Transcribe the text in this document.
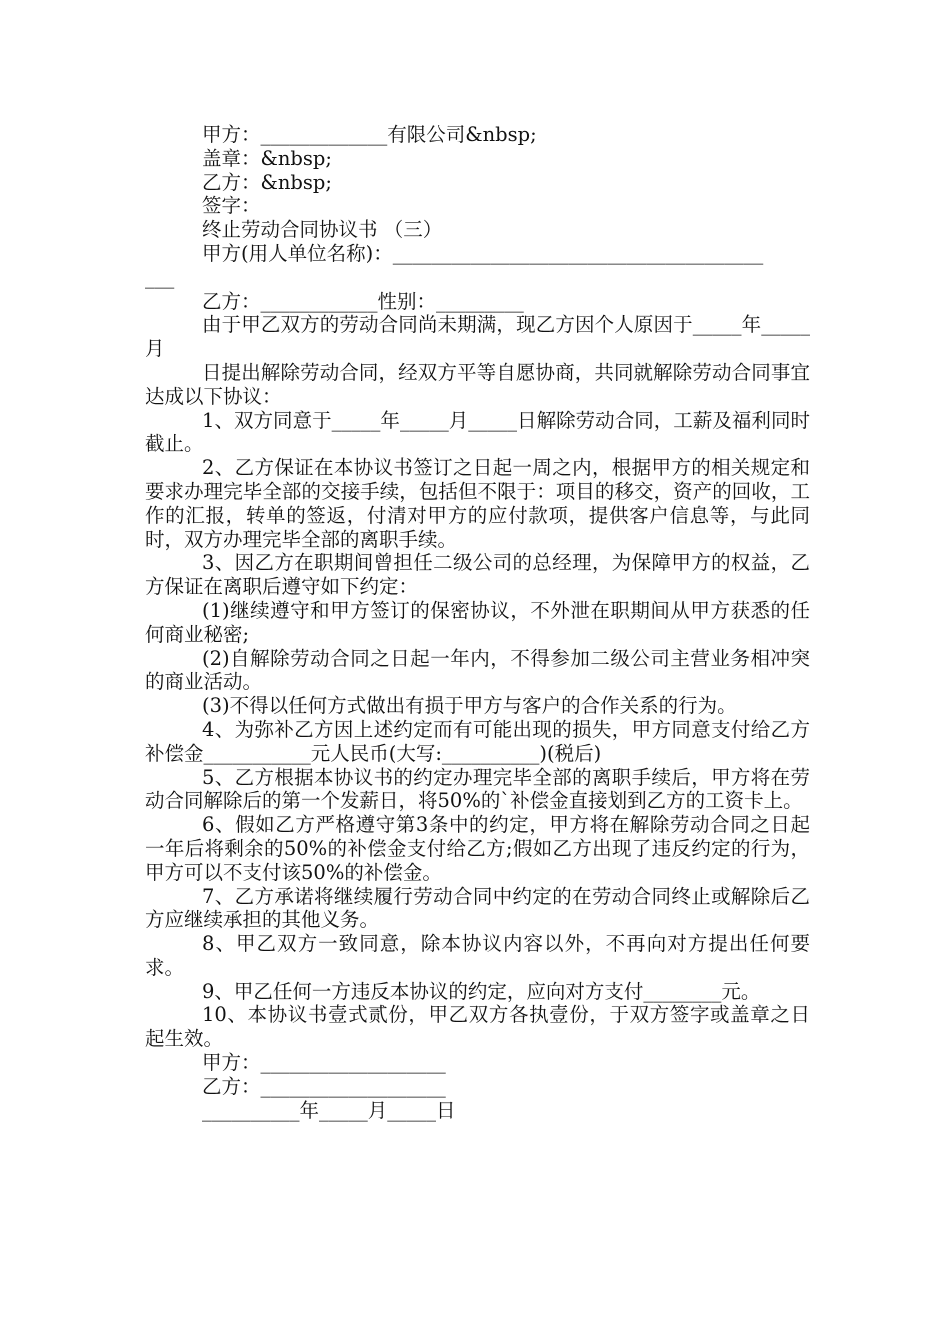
甲方：_____________有限公司&nbsp;
盖章：&nbsp;
乙方：&nbsp;
签字：
终止劳动合同协议书 （三）
甲方(用人单位名称)：______________________________________
___
乙方：____________性别：_________
由于甲乙双方的劳动合同尚未期满，现乙方因个人原因于_____年_____月
日提出解除劳动合同，经双方平等自愿协商，共同就解除劳动合同事宜达成以下协议：
1、双方同意于_____年_____月_____日解除劳动合同，工薪及福利同时截止。
2、乙方保证在本协议书签订之日起一周之内，根据甲方的相关规定和要求办理完毕全部的交接手续，包括但不限于：项目的移交，资产的回收，工作的汇报，转单的签返，付清对甲方的应付款项，提供客户信息等，与此同时，双方办理完毕全部的离职手续。
3、因乙方在职期间曾担任二级公司的总经理，为保障甲方的权益，乙方保证在离职后遵守如下约定：
(1)继续遵守和甲方签订的保密协议，不外泄在职期间从甲方获悉的任何商业秘密;
(2)自解除劳动合同之日起一年内，不得参加二级公司主营业务相冲突的商业活动。
(3)不得以任何方式做出有损于甲方与客户的合作关系的行为。
4、为弥补乙方因上述约定而有可能出现的损失，甲方同意支付给乙方补偿金___________元人民币(大写:__________)(税后)
5、乙方根据本协议书的约定办理完毕全部的离职手续后，甲方将在劳动合同解除后的第一个发薪日，将50%的`补偿金直接划到乙方的工资卡上。
6、假如乙方严格遵守第3条中的约定，甲方将在解除劳动合同之日起一年后将剩余的50%的补偿金支付给乙方;假如乙方出现了违反约定的行为，甲方可以不支付该50%的补偿金。
7、乙方承诺将继续履行劳动合同中约定的在劳动合同终止或解除后乙方应继续承担的其他义务。
8、甲乙双方一致同意，除本协议内容以外，不再向对方提出任何要求。
9、甲乙任何一方违反本协议的约定，应向对方支付________元。
10、本协议书壹式贰份，甲乙双方各执壹份，于双方签字或盖章之日起生效。
甲方：___________________
乙方：___________________
__________年_____月_____日
